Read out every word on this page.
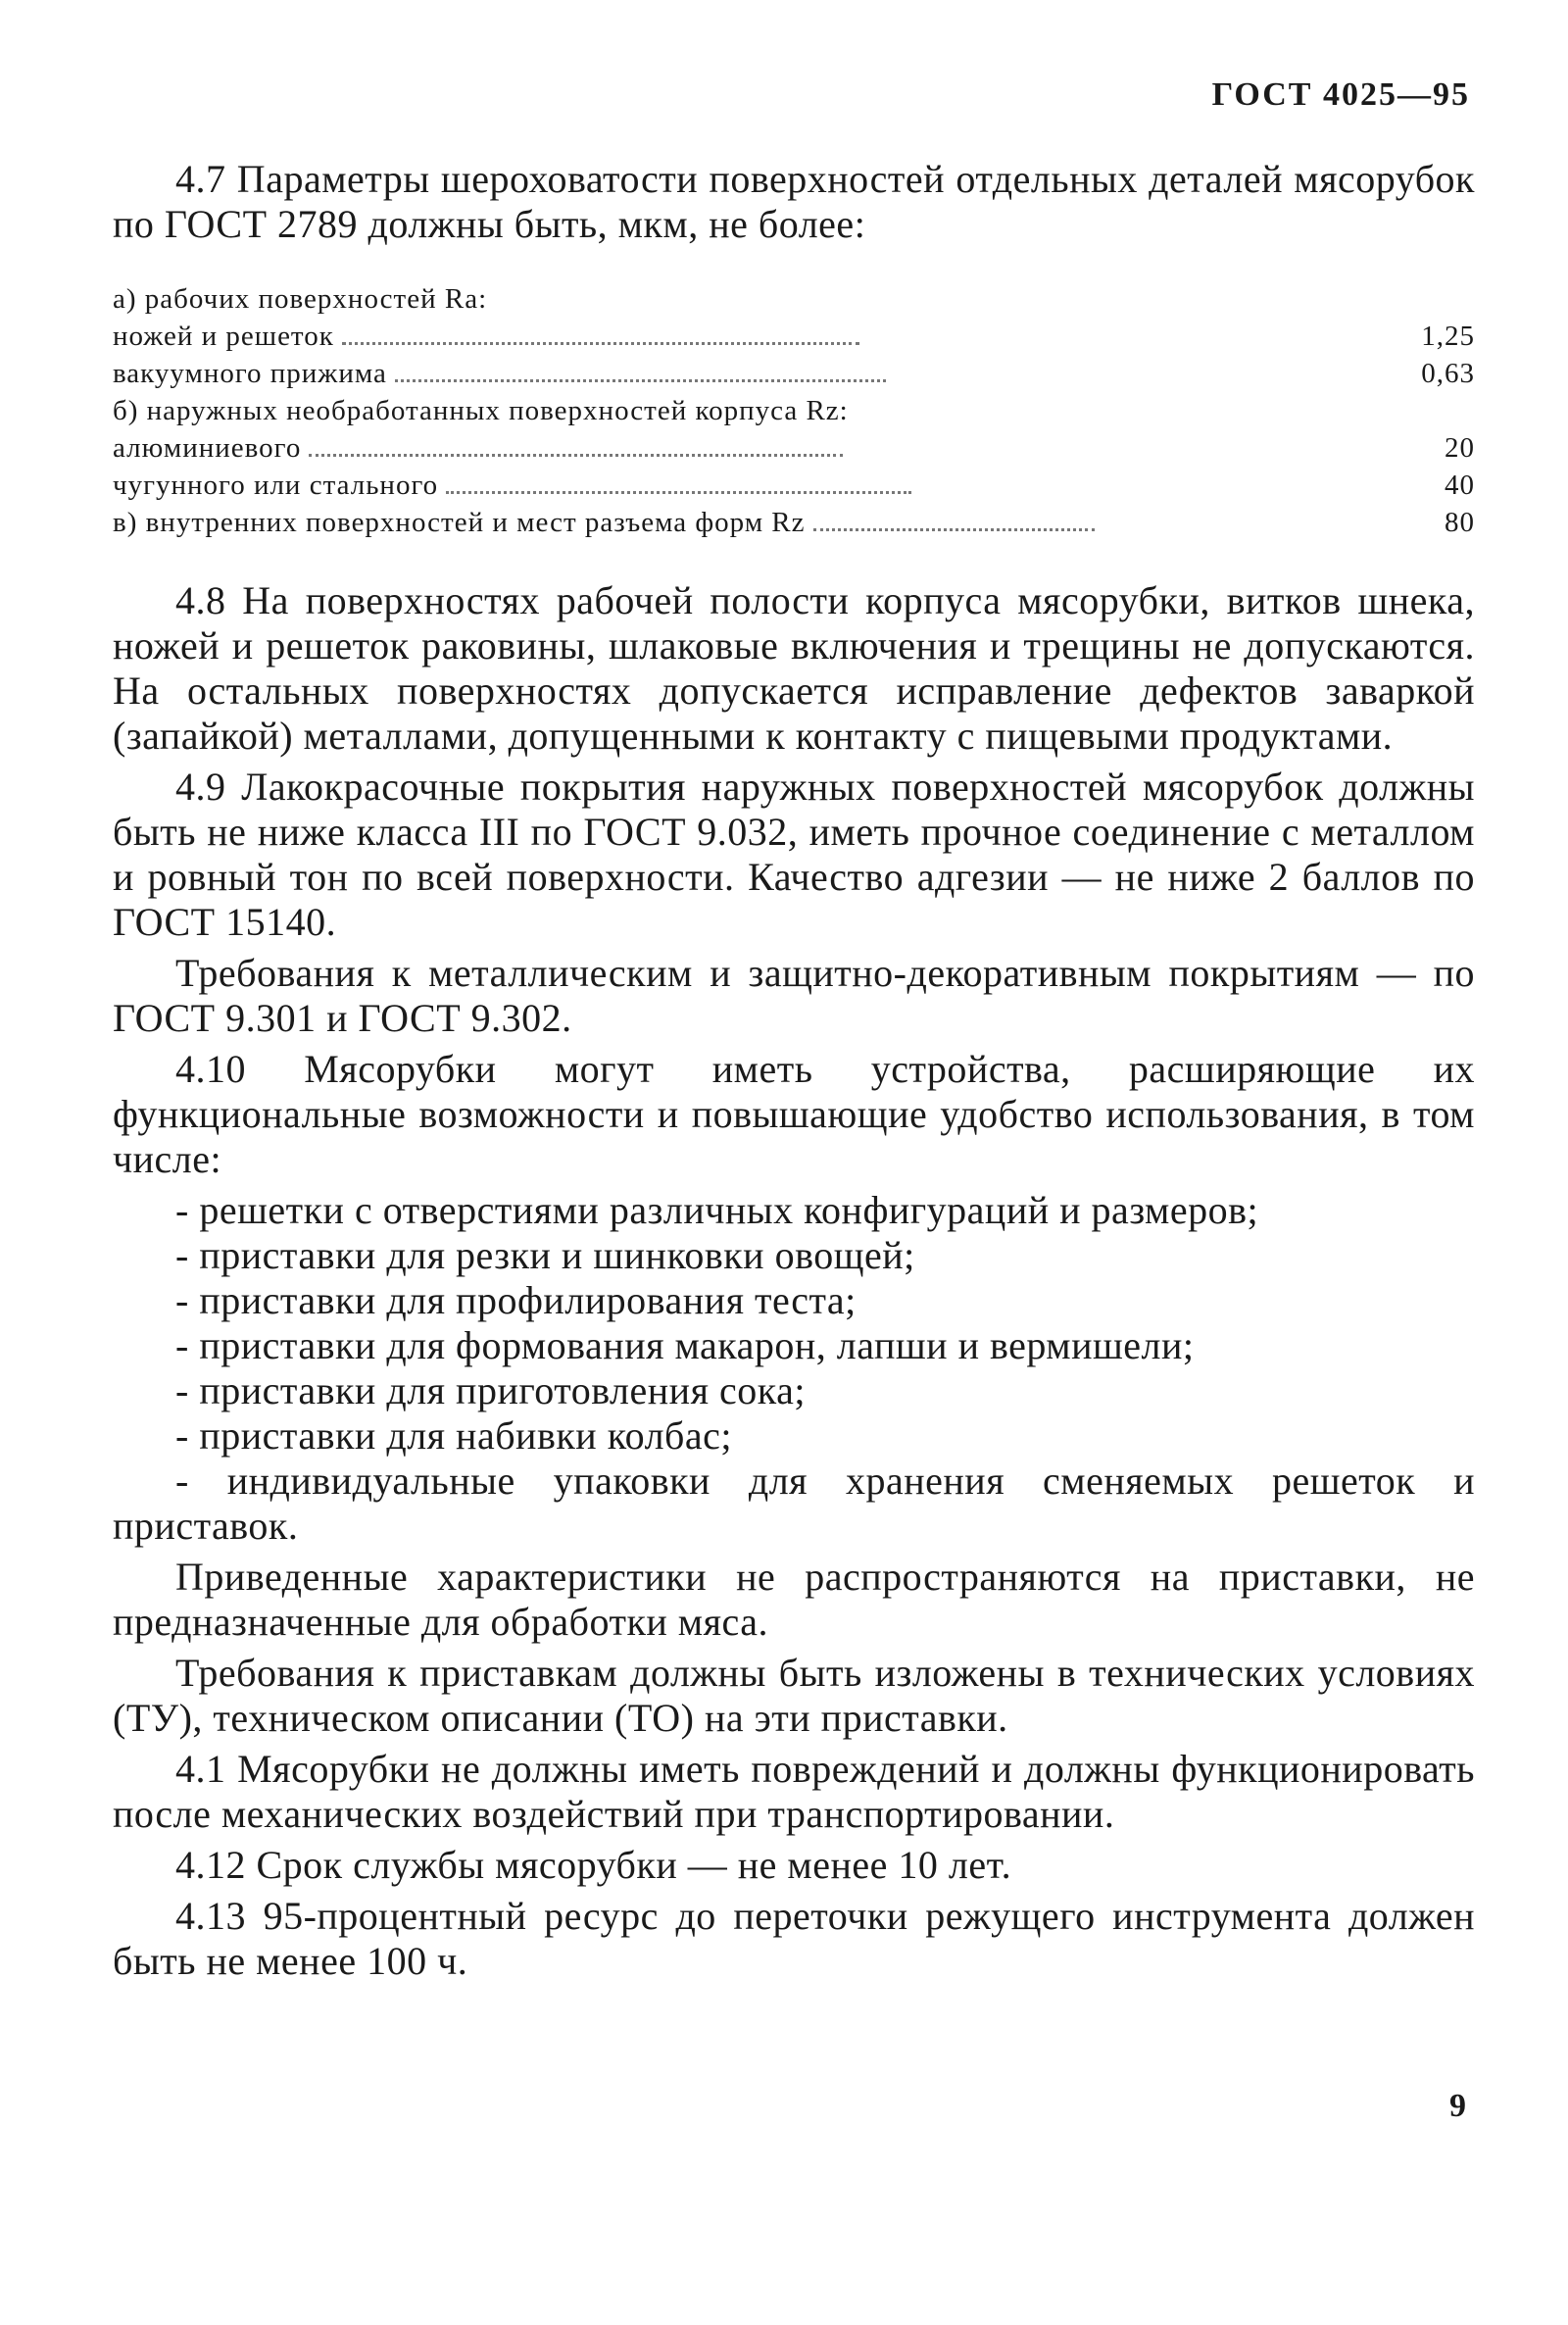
ГОСТ 4025—95

4.7 Параметры шероховатости поверхностей отдельных деталей мясорубок по ГОСТ 2789 должны быть, мкм, не более:

а) рабочих поверхностей Ra:
ножей и решеток	1,25
вакуумного прижима	0,63
б) наружных необработанных поверхностей корпуса Rz:
алюминиевого	20
чугунного или стального	40
в) внутренних поверхностей и мест разъема форм Rz	80

4.8 На поверхностях рабочей полости корпуса мясорубки, витков шнека, ножей и решеток раковины, шлаковые включения и трещины не допускаются. На остальных поверхностях допускается исправление дефектов заваркой (запайкой) металлами, допущенными к контакту с пищевыми продуктами.

4.9 Лакокрасочные покрытия наружных поверхностей мясорубок должны быть не ниже класса III по ГОСТ 9.032, иметь прочное соединение с металлом и ровный тон по всей поверхности. Качество адгезии — не ниже 2 баллов по ГОСТ 15140.

Требования к металлическим и защитно-декоративным покрытиям — по ГОСТ 9.301 и ГОСТ 9.302.

4.10 Мясорубки могут иметь устройства, расширяющие их функциональные возможности и повышающие удобство использования, в том числе:

- решетки с отверстиями различных конфигураций и размеров;
- приставки для резки и шинковки овощей;
- приставки для профилирования теста;
- приставки для формования макарон, лапши и вермишели;
- приставки для приготовления сока;
- приставки для набивки колбас;

- индивидуальные упаковки для хранения сменяемых решеток и приставок.

Приведенные характеристики не распространяются на приставки, не предназначенные для обработки мяса.

Требования к приставкам должны быть изложены в технических условиях (ТУ), техническом описании (ТО) на эти приставки.

4.1 Мясорубки не должны иметь повреждений и должны функционировать после механических воздействий при транспортировании.

4.12 Срок службы мясорубки — не менее 10 лет.

4.13 95-процентный ресурс до переточки режущего инструмента должен быть не менее 100 ч.

9
